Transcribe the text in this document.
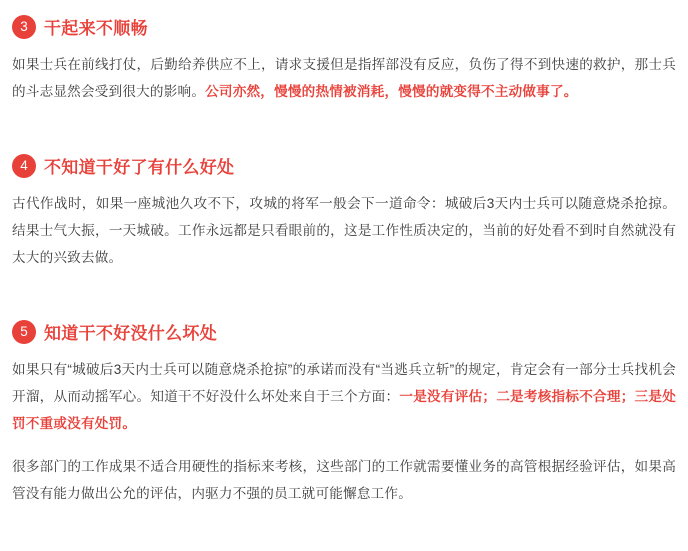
3 干起来不顺畅

如果士兵在前线打仗，后勤给养供应不上，请求支援但是指挥部没有反应，负伤了得不到快速的救护，那士兵的斗志显然会受到很大的影响。公司亦然，慢慢的热情被消耗，慢慢的就变得不主动做事了。

4 不知道干好了有什么好处

古代作战时，如果一座城池久攻不下，攻城的将军一般会下一道命令：城破后3天内士兵可以随意烧杀抢掠。结果士气大振，一天城破。工作永远都是只看眼前的，这是工作性质决定的，当前的好处看不到时自然就没有太大的兴致去做。

5 知道干不好没什么坏处

如果只有“城破后3天内士兵可以随意烧杀抢掠”的承诺而没有“当逃兵立斩”的规定，肯定会有一部分士兵找机会开溜，从而动摇军心。知道干不好没什么坏处来自于三个方面：一是没有评估；二是考核指标不合理；三是处罚不重或没有处罚。

很多部门的工作成果不适合用硬性的指标来考核，这些部门的工作就需要懂业务的高管根据经验评估，如果高管没有能力做出公允的评估，内驱力不强的员工就可能懈怠工作。
